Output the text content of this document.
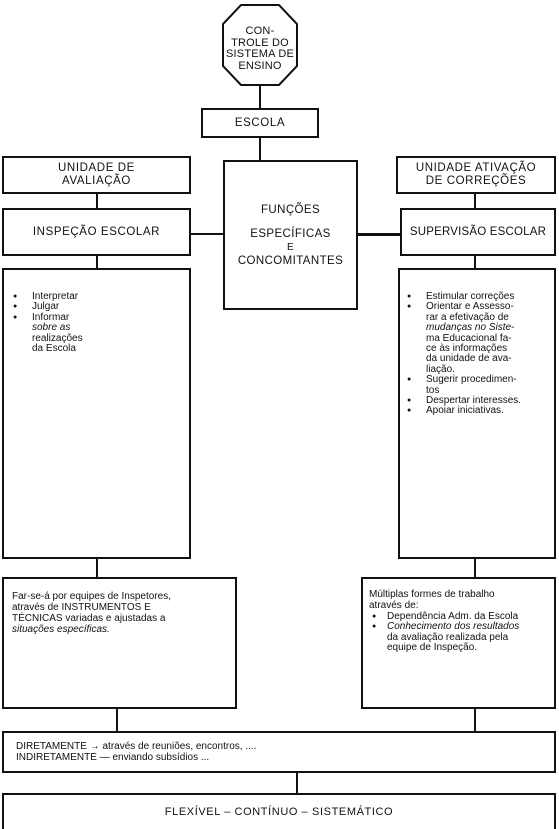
CON-
TROLE DO
SISTEMA DE
ENSINO
ESCOLA
UNIDADE DE
AVALIAÇÃO
UNIDADE ATIVAÇÃO
DE CORREÇÕES
FUNÇÕES
ESPECÍFICAS
E
CONCOMITANTES
INSPEÇÃO ESCOLAR	SUPERVISÃO ESCOLAR
● Interpretar
● Julgar
● Informar
sobre as
realizações
da Escola
● Estimular correções
● Orientar e Assesso-
rar a efetivação de
mudanças no Siste-
ma Educacional fa-
ce às informações
da unidade de ava-
liação.
● Sugerir procedimen-
tos
● Despertar interesses.
● Apoiar iniciativas.
Far-se-á por equipes de Inspetores,
através de INSTRUMENTOS E
TÉCNICAS variadas e ajustadas a
situações específicas.
Múltiplas formes de trabalho
através de:
● Dependência Adm. da Escola
● Conhecimento dos resultados
da avaliação realizada pela
equipe de Inspeção.
DIRETAMENTE → através de reuniões, encontros, ....
INDIRETAMENTE — enviando subsídios ...
FLEXÍVEL – CONTÍNUO – SISTEMÁTICO
